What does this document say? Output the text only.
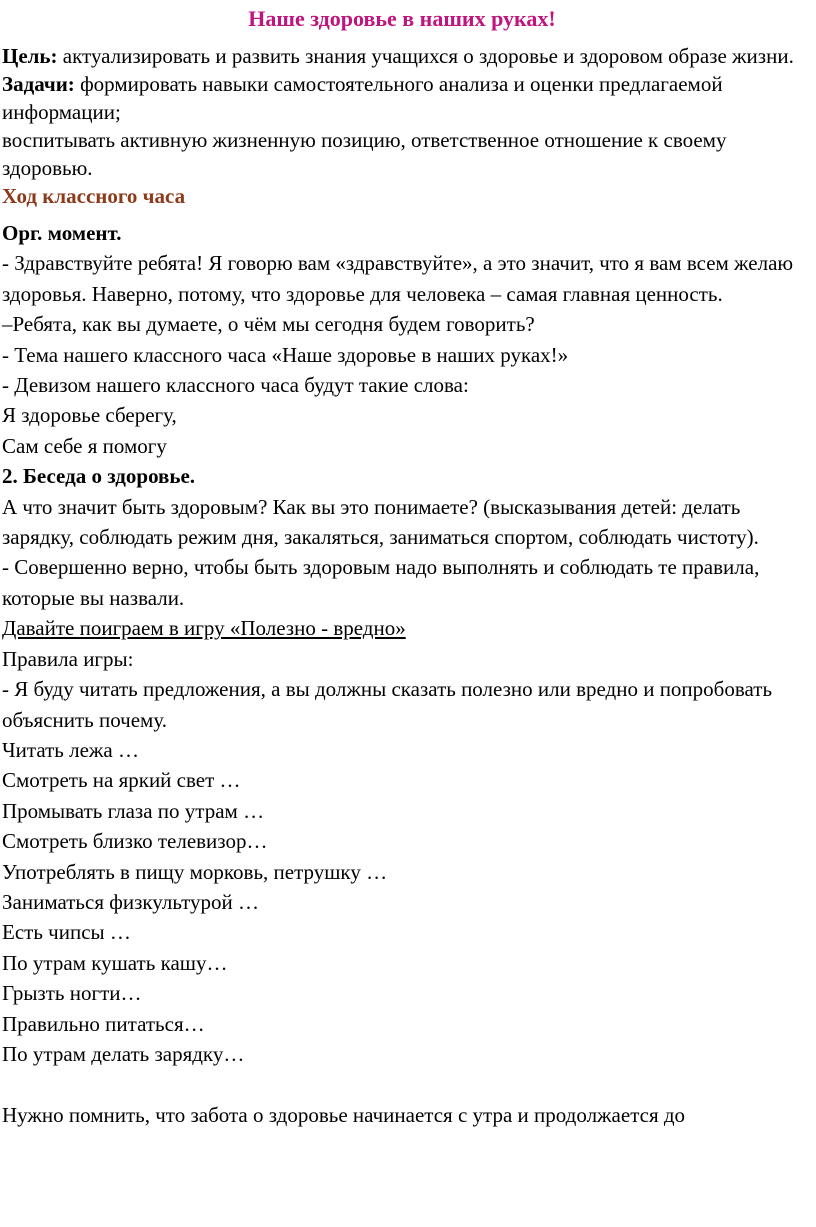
Наше здоровье в наших руках!

Цель: актуализировать и развить знания учащихся о здоровье и здоровом образе жизни.

Задачи: формировать навыки самостоятельного анализа и оценки предлагаемой информации;

воспитывать активную жизненную позицию, ответственное отношение к своему здоровью.

Ход классного часа

Орг. момент.

- Здравствуйте ребята! Я говорю вам «здравствуйте», а это значит, что я вам всем желаю здоровья. Наверно, потому, что здоровье для человека – самая главная ценность.

–Ребята, как вы думаете, о чём мы сегодня будем говорить?

- Тема нашего классного часа «Наше здоровье в наших руках!»

- Девизом нашего классного часа будут такие слова:

Я здоровье сберегу,

Сам себе я помогу

2. Беседа о здоровье.

А что значит быть здоровым? Как вы это понимаете? (высказывания детей: делать зарядку, соблюдать режим дня, закаляться, заниматься спортом, соблюдать чистоту).

- Совершенно верно, чтобы быть здоровым надо выполнять и соблюдать те правила, которые вы назвали.

Давайте поиграем в игру «Полезно - вредно»

Правила игры:

- Я буду читать предложения, а вы должны сказать полезно или вредно и попробовать объяснить почему.

Читать лежа …

Смотреть на яркий свет …

Промывать глаза по утрам …

Смотреть близко телевизор…

Употреблять в пищу морковь, петрушку …

Заниматься физкультурой …

Есть чипсы …

По утрам кушать кашу…

Грызть ногти…

Правильно питаться…

По утрам делать зарядку…

Нужно помнить, что забота о здоровье начинается с утра и продолжается до
